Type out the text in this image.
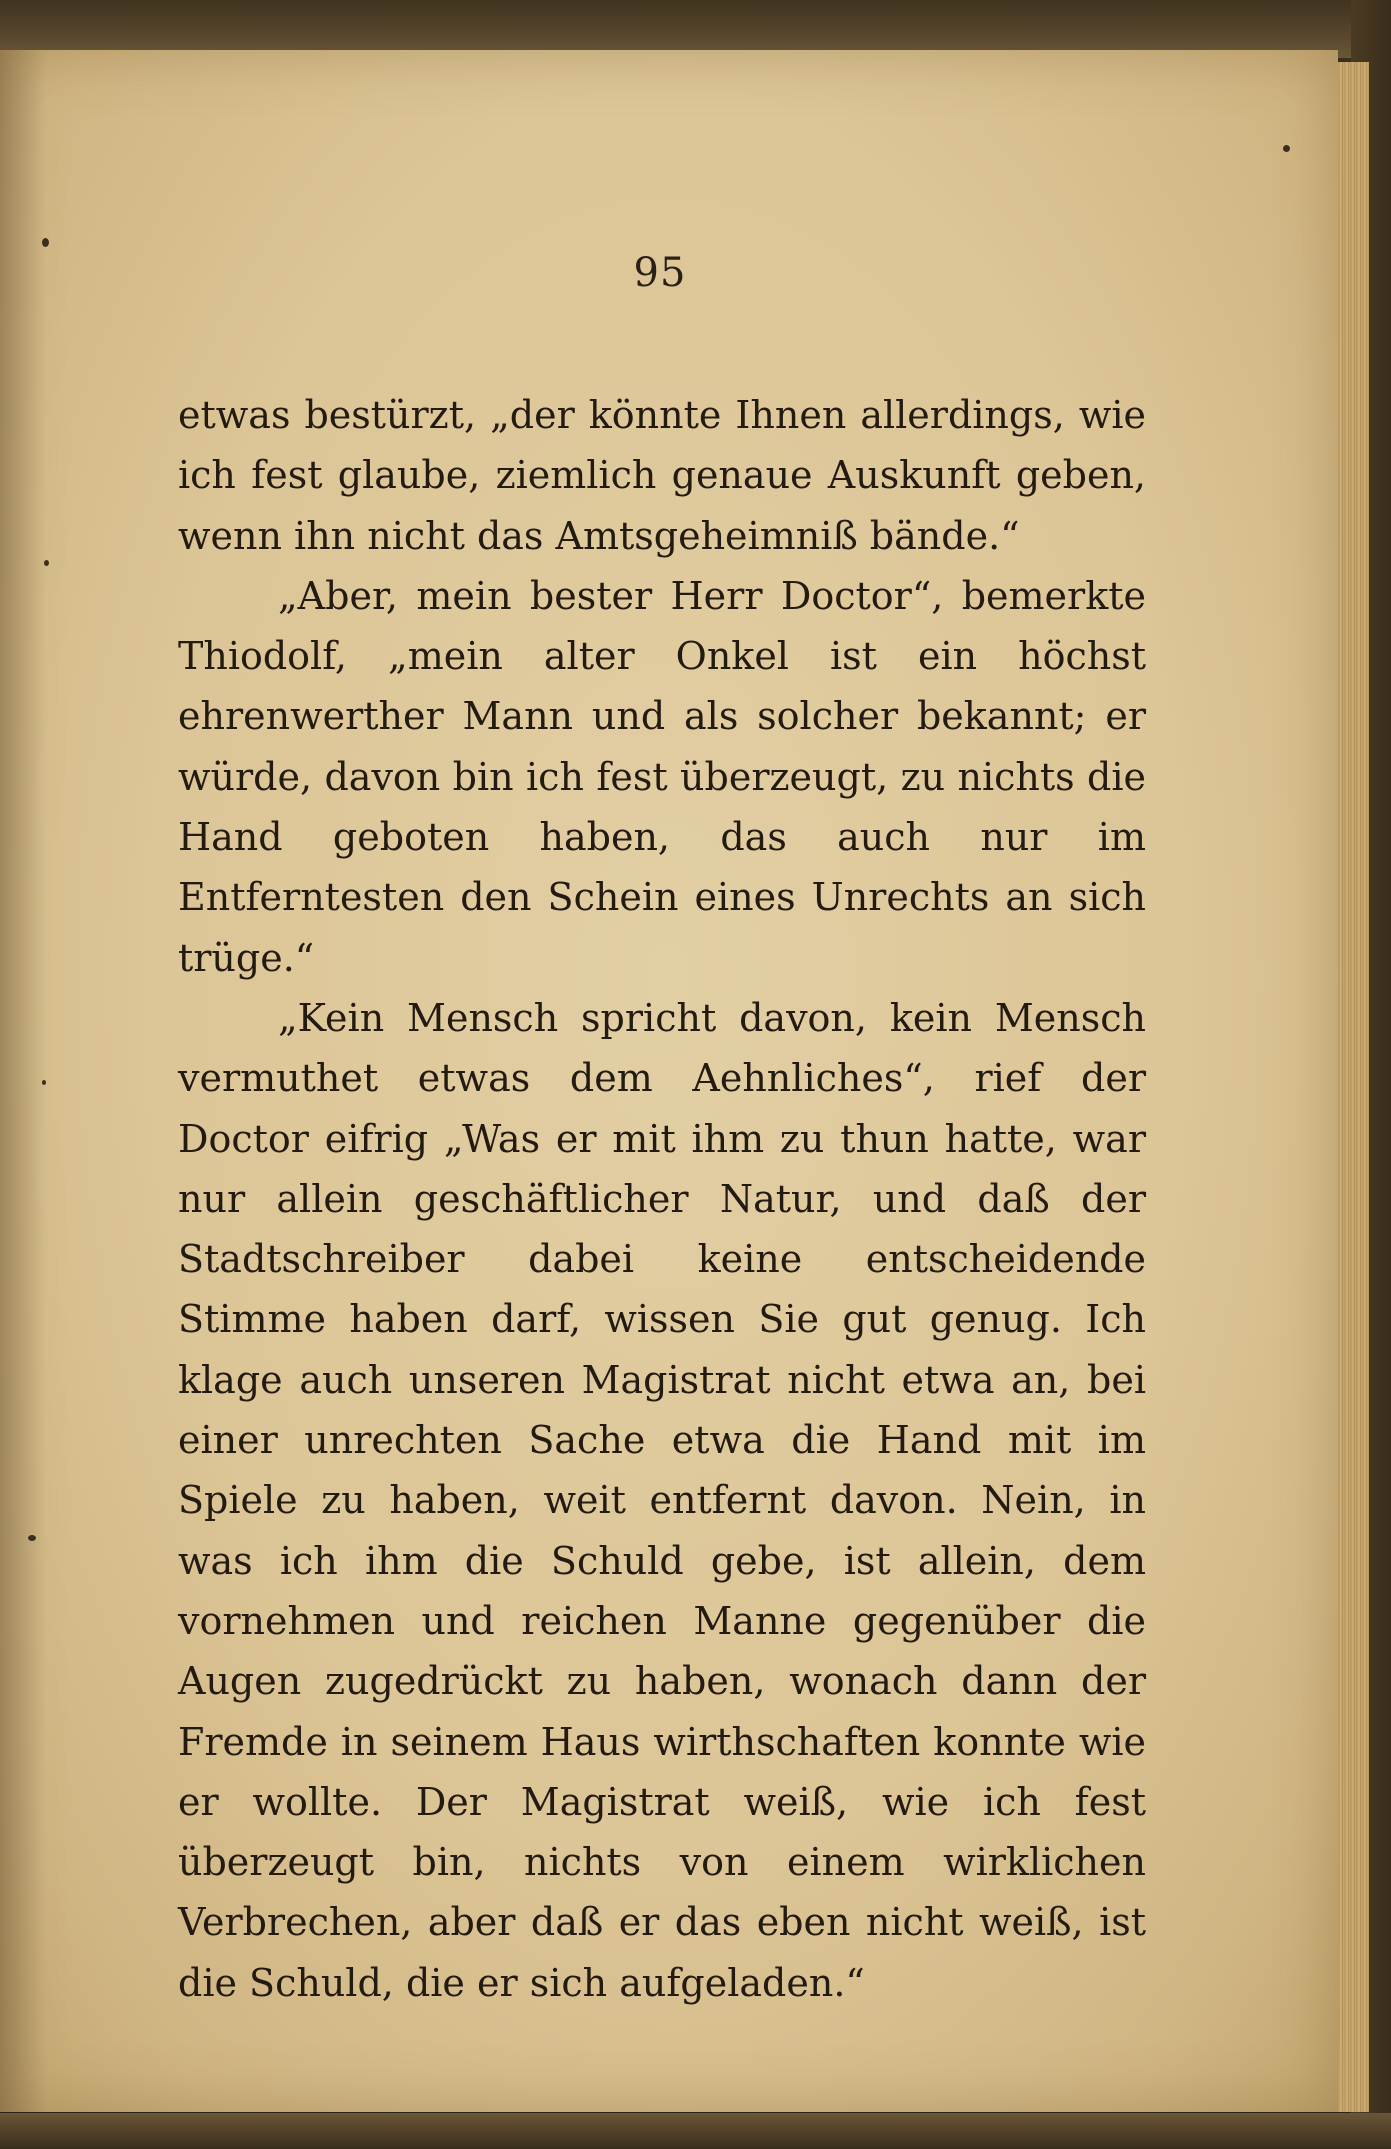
95

etwas bestürzt, „der könnte Ihnen allerdings, wie ich fest glaube, ziemlich genaue Auskunft geben, wenn ihn nicht das Amtsgeheimniß bände.“

„Aber, mein bester Herr Doctor“, bemerkte Thiodolf, „mein alter Onkel ist ein höchst ehrenwerther Mann und als solcher bekannt; er würde, davon bin ich fest überzeugt, zu nichts die Hand geboten haben, das auch nur im Entferntesten den Schein eines Unrechts an sich trüge.“

„Kein Mensch spricht davon, kein Mensch vermuthet etwas dem Aehnliches“, rief der Doctor eifrig „Was er mit ihm zu thun hatte, war nur allein geschäftlicher Natur, und daß der Stadtschreiber dabei keine entscheidende Stimme haben darf, wissen Sie gut genug. Ich klage auch unseren Magistrat nicht etwa an, bei einer unrechten Sache etwa die Hand mit im Spiele zu haben, weit entfernt davon. Nein, in was ich ihm die Schuld gebe, ist allein, dem vornehmen und reichen Manne gegenüber die Augen zugedrückt zu haben, wonach dann der Fremde in seinem Haus wirthschaften konnte wie er wollte. Der Magistrat weiß, wie ich fest überzeugt bin, nichts von einem wirklichen Verbrechen, aber daß er das eben nicht weiß, ist die Schuld, die er sich aufgeladen.“
